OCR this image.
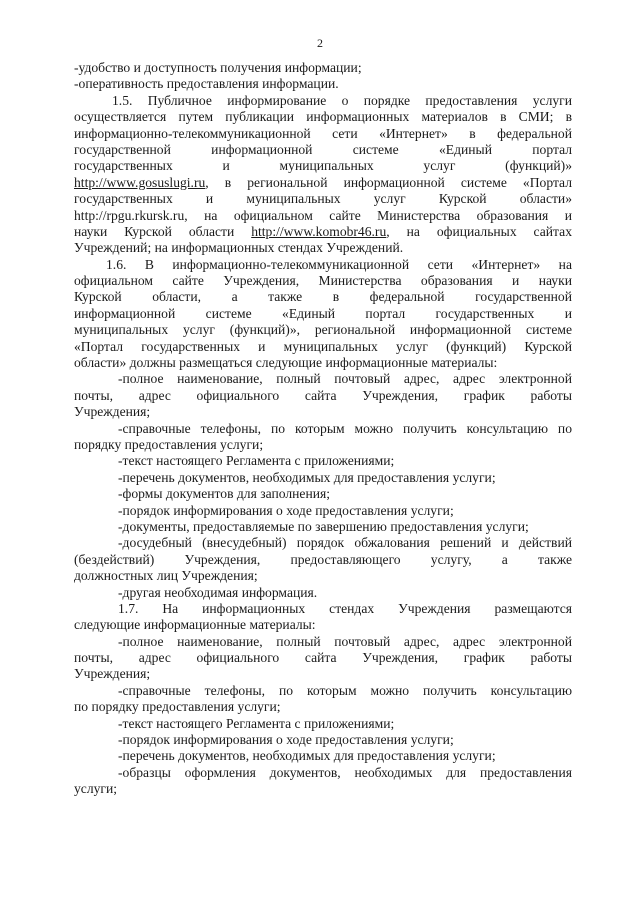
2
-удобство и доступность получения информации;
-оперативность предоставления информации.
1.5. Публичное информирование о порядке предоставления услуги
осуществляется путем публикации информационных материалов в СМИ; в
информационно-телекоммуникационной сети «Интернет» в федеральной
государственной информационной системе «Единый портал
государственных и муниципальных услуг (функций)»
http://www.gosuslugi.ru, в региональной информационной системе «Портал
государственных и муниципальных услуг Курской области»
http://rpgu.rkursk.ru, на официальном сайте Министерства образования и
науки Курской области http://www.komobr46.ru, на официальных сайтах
Учреждений; на информационных стендах Учреждений.
1.6. В информационно-телекоммуникационной сети «Интернет» на
официальном сайте Учреждения, Министерства образования и науки
Курской области, а также в федеральной государственной
информационной системе «Единый портал государственных и
муниципальных услуг (функций)», региональной информационной системе
«Портал государственных и муниципальных услуг (функций) Курской
области» должны размещаться следующие информационные материалы:
-полное наименование, полный почтовый адрес, адрес электронной
почты, адрес официального сайта Учреждения, график работы
Учреждения;
-справочные телефоны, по которым можно получить консультацию по
порядку предоставления услуги;
-текст настоящего Регламента с приложениями;
-перечень документов, необходимых для предоставления услуги;
-формы документов для заполнения;
-порядок информирования о ходе предоставления услуги;
-документы, предоставляемые по завершению предоставления услуги;
-досудебный (внесудебный) порядок обжалования решений и действий
(бездействий) Учреждения, предоставляющего услугу, а также
должностных лиц Учреждения;
-другая необходимая информация.
1.7. На информационных стендах Учреждения размещаются
следующие информационные материалы:
-полное наименование, полный почтовый адрес, адрес электронной
почты, адрес официального сайта Учреждения, график работы
Учреждения;
-справочные телефоны, по которым можно получить консультацию
по порядку предоставления услуги;
-текст настоящего Регламента с приложениями;
-порядок информирования о ходе предоставления услуги;
-перечень документов, необходимых для предоставления услуги;
-образцы оформления документов, необходимых для предоставления
услуги;
